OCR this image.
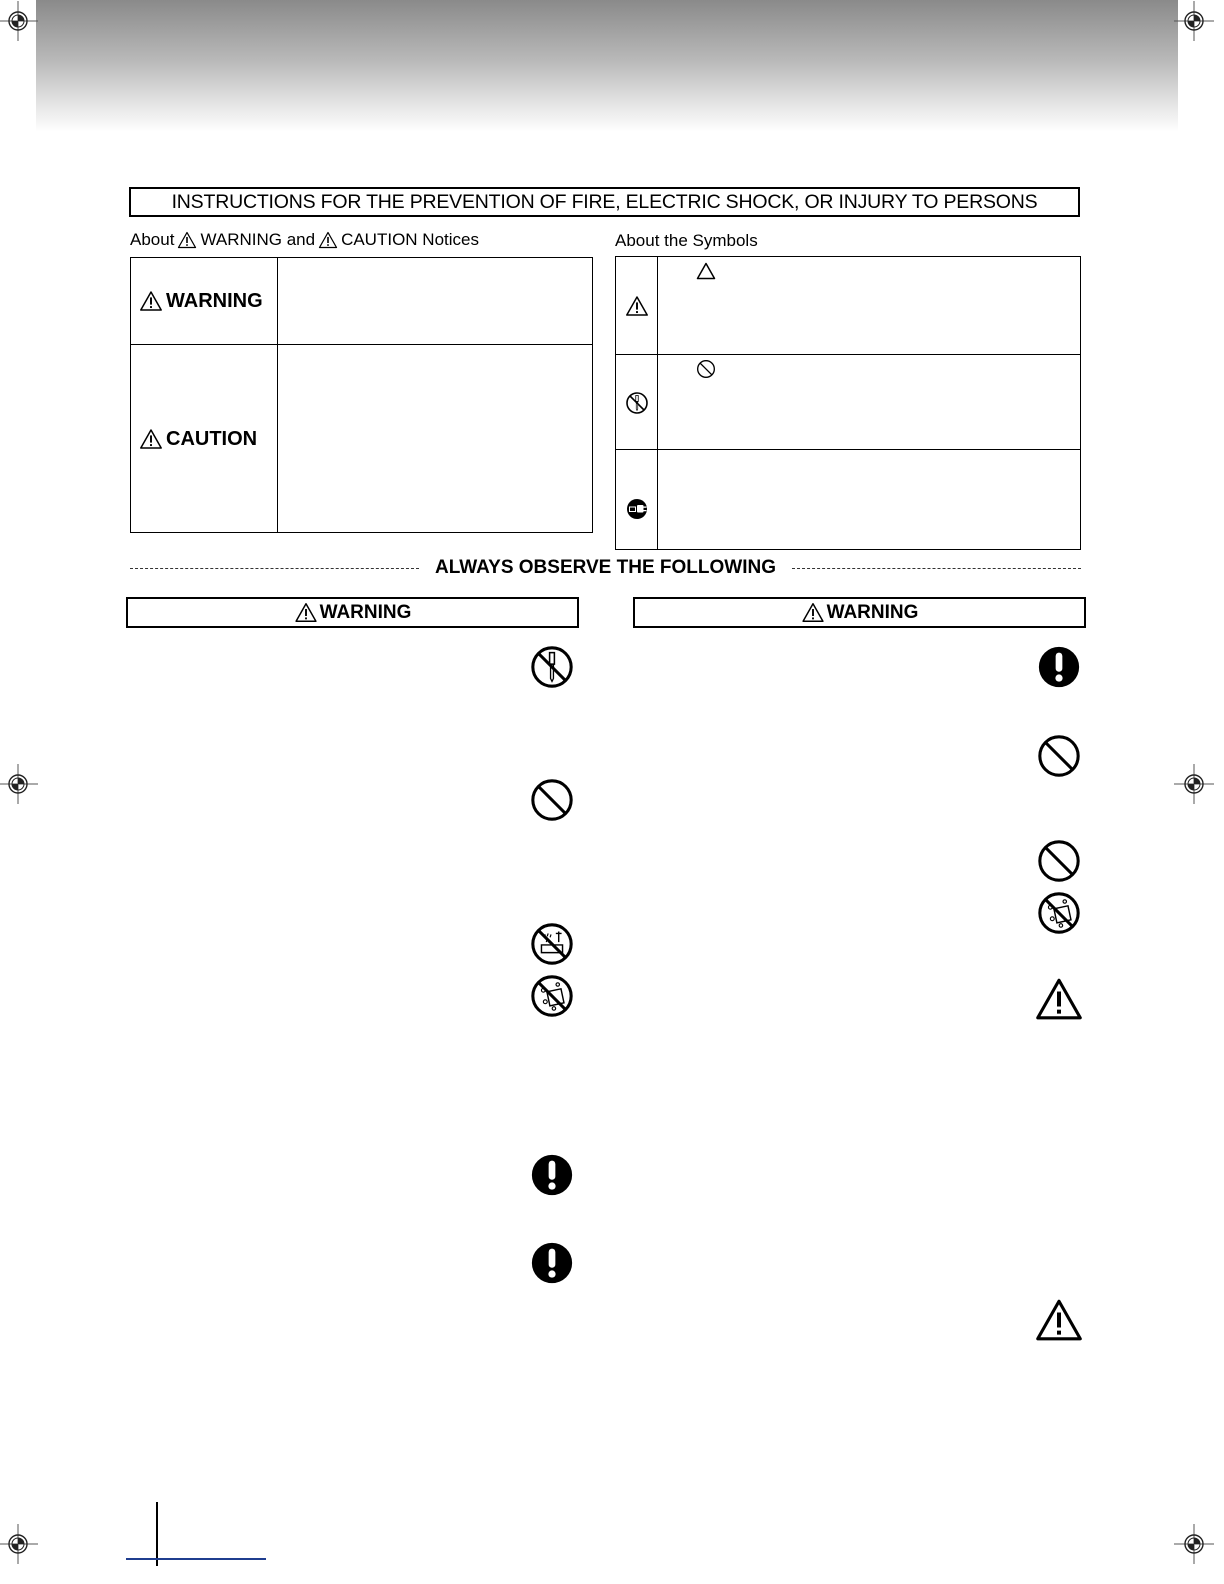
INSTRUCTIONS FOR THE PREVENTION OF FIRE, ELECTRIC SHOCK, OR INJURY TO PERSONS
About WARNING and CAUTION Notices	About the Symbols
WARNING
CAUTION
ALWAYS OBSERVE THE FOLLOWING
WARNING	WARNING
